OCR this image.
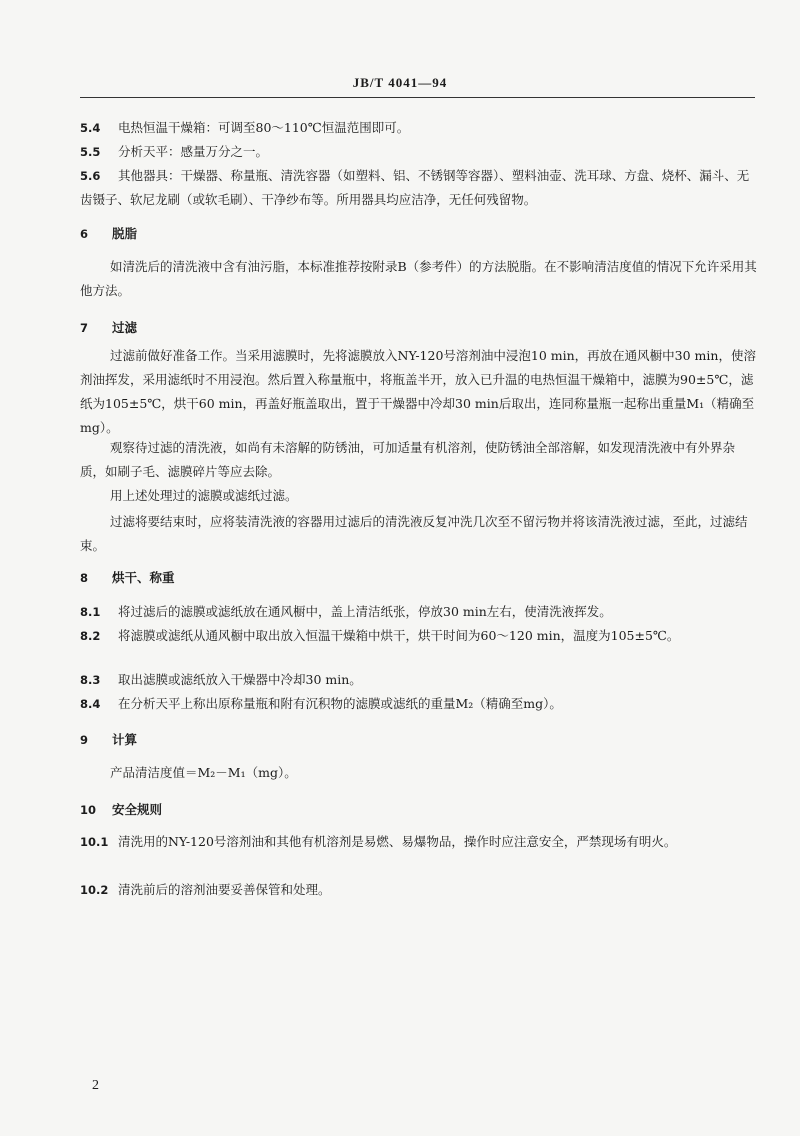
JB/T 4041—94
5.4 电热恒温干燥箱：可调至80～110℃恒温范围即可。
5.5 分析天平：感量万分之一。
5.6 其他器具：干燥器、称量瓶、清洗容器（如塑料、铝、不锈钢等容器）、塑料油壶、洗耳球、方盘、烧杯、漏斗、无齿镊子、软尼龙刷（或软毛刷）、干净纱布等。所用器具均应洁净，无任何残留物。
6 脱脂
如清洗后的清洗液中含有油污脂，本标准推荐按附录B（参考件）的方法脱脂。在不影响清洁度值的情况下允许采用其他方法。
7 过滤
过滤前做好准备工作。当采用滤膜时，先将滤膜放入NY-120号溶剂油中浸泡10 min，再放在通风橱中30 min，使溶剂油挥发，采用滤纸时不用浸泡。然后置入称量瓶中，将瓶盖半开，放入已升温的电热恒温干燥箱中，滤膜为90±5℃，滤纸为105±5℃，烘干60 min，再盖好瓶盖取出，置于干燥器中冷却30 min后取出，连同称量瓶一起称出重量M₁（精确至mg）。
观察待过滤的清洗液，如尚有未溶解的防锈油，可加适量有机溶剂，使防锈油全部溶解，如发现清洗液中有外界杂质，如刷子毛、滤膜碎片等应去除。
用上述处理过的滤膜或滤纸过滤。
过滤将要结束时，应将装清洗液的容器用过滤后的清洗液反复冲洗几次至不留污物并将该清洗液过滤，至此，过滤结束。
8 烘干、称重
8.1 将过滤后的滤膜或滤纸放在通风橱中，盖上清洁纸张，停放30 min左右，使清洗液挥发。
8.2 将滤膜或滤纸从通风橱中取出放入恒温干燥箱中烘干，烘干时间为60～120 min，温度为105±5℃。
8.3 取出滤膜或滤纸放入干燥器中冷却30 min。
8.4 在分析天平上称出原称量瓶和附有沉积物的滤膜或滤纸的重量M₂（精确至mg）。
9 计算
产品清洁度值＝M₂－M₁（mg）。
10 安全规则
10.1 清洗用的NY-120号溶剂油和其他有机溶剂是易燃、易爆物品，操作时应注意安全，严禁现场有明火。
10.2 清洗前后的溶剂油要妥善保管和处理。
2
